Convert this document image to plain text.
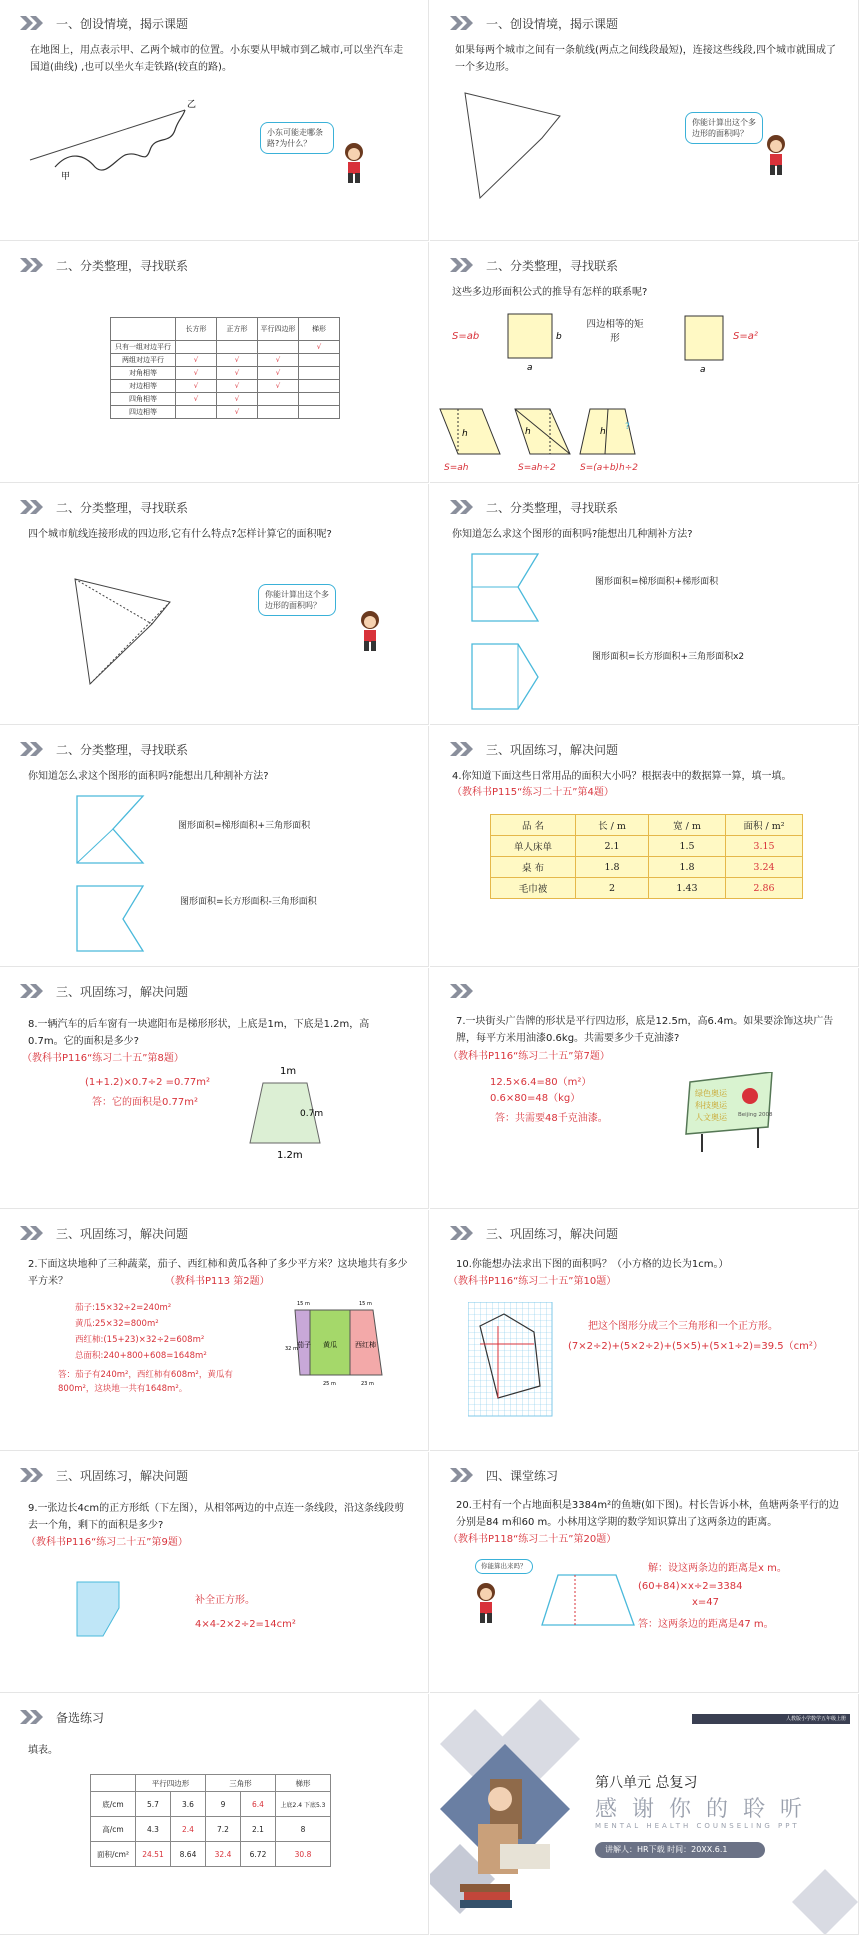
一、创设情境，揭示课题
在地图上，用点表示甲、乙两个城市的位置。小东要从甲城市到乙城市,可以坐汽车走国道(曲线) ,也可以坐火车走铁路(较直的路)。
甲
乙
小东可能走哪条路?为什么？
一、创设情境，揭示课题
如果每两个城市之间有一条航线(两点之间线段最短)，连接这些线段,四个城市就围成了一个多边形。
你能计算出这个多边形的面积吗？
二、分类整理，寻找联系
	长方形	正方形	平行四边形	梯形
只有一组对边平行				√
两组对边平行	√	√	√	
对角相等	√	√	√	
对边相等	√	√	√	
四角相等	√	√		
四边相等		√		
二、分类整理，寻找联系
这些多边形面积公式的推导有怎样的联系呢?
S=ab	b
a
四边相等的矩形	S=a²
a
h
S=ah
h
S=ah÷2
h
S=(a+b)h÷2
?
二、分类整理，寻找联系
四个城市航线连接形成的四边形,它有什么特点?怎样计算它的面积呢?
你能计算出这个多边形的面积吗？
二、分类整理，寻找联系
你知道怎么求这个图形的面积吗?能想出几种割补方法?
图形面积=梯形面积+梯形面积
图形面积=长方形面积+三角形面积x2
二、分类整理，寻找联系
你知道怎么求这个图形的面积吗?能想出几种割补方法?
图形面积=梯形面积+三角形面积
图形面积=长方形面积-三角形面积
三、巩固练习，解决问题
4.你知道下面这些日常用品的面积大小吗？根据表中的数据算一算，填一填。
（教科书P115“练习二十五”第4题）
品 名	长 / m	宽 / m	面积 / m²
单人床单	2.1	1.5	3.15
桌 布	1.8	1.8	3.24
毛巾被	2	1.43	2.86
三、巩固练习，解决问题
8.一辆汽车的后车窗有一块遮阳布是梯形形状，上底是1m，下底是1.2m，高0.7m。它的面积是多少?
（教科书P116“练习二十五”第8题）
(1+1.2)×0.7÷2 =0.77m²
答：它的面积是0.77m²
1m
0.7m
1.2m
7.一块街头广告牌的形状是平行四边形，底是12.5m，高6.4m。如果要涂饰这块广告牌，每平方米用油漆0.6kg。共需要多少千克油漆?
（教科书P116“练习二十五”第7题）
12.5×6.4=80（m²）
0.6×80=48（kg）
答：共需要48千克油漆。
绿色奥运
科技奥运
人文奥运 Beijing 2008
三、巩固练习，解决问题
2.下面这块地种了三种蔬菜，茄子、西红柿和黄瓜各种了多少平方米？这块地共有多少平方米？	（教科书P113 第2题）
茄子:15×32÷2=240m²
黄瓜:25×32=800m²
西红柿:(15+23)×32÷2=608m²
总面积:240+800+608=1648m²
答：茄子有240m²，西红柿有608m²，黄瓜有800m²，这块地一共有1648m²。
茄子 黄瓜	西红柿
15 m	15 m
32 m
25 m	23 m
三、巩固练习，解决问题
10.你能想办法求出下图的面积吗？（小方格的边长为1cm。）
（教科书P116“练习二十五”第10题）
把这个图形分成三个三角形和一个正方形。
(7×2÷2)+(5×2÷2)+(5×5)+(5×1÷2)=39.5（cm²）
三、巩固练习，解决问题
9.一张边长4cm的正方形纸（下左图），从相邻两边的中点连一条线段，沿这条线段剪去一个角，剩下的面积是多少?
（教科书P116“练习二十五”第9题）
补全正方形。
4×4-2×2÷2=14cm²
四、课堂练习
20.王村有一个占地面积是3384m²的鱼塘(如下图)。村长告诉小林，鱼塘两条平行的边分别是84 m和60 m。小林用这学期的数学知识算出了这两条边的距离。
（教科书P118“练习二十五”第20题）
你能算出来吗？	解：设这两条边的距离是x m。
(60+84)×x÷2=3384
x=47
答：这两条边的距离是47 m。
备选练习
填表。
	平行四边形		三角形		梯形
底/cm	5.7	3.6	9	6.4	上底2.4 下底5.3
高/cm	4.3	2.4	7.2	2.1	8
面积/cm²	24.51	8.64	32.4	6.72	30.8
人教版小学数学五年级上册
第八单元 总复习
感 谢 你 的 聆 听
MENTAL HEALTH COUNSELING PPT
讲解人：HR下载 时间：20XX.6.1
